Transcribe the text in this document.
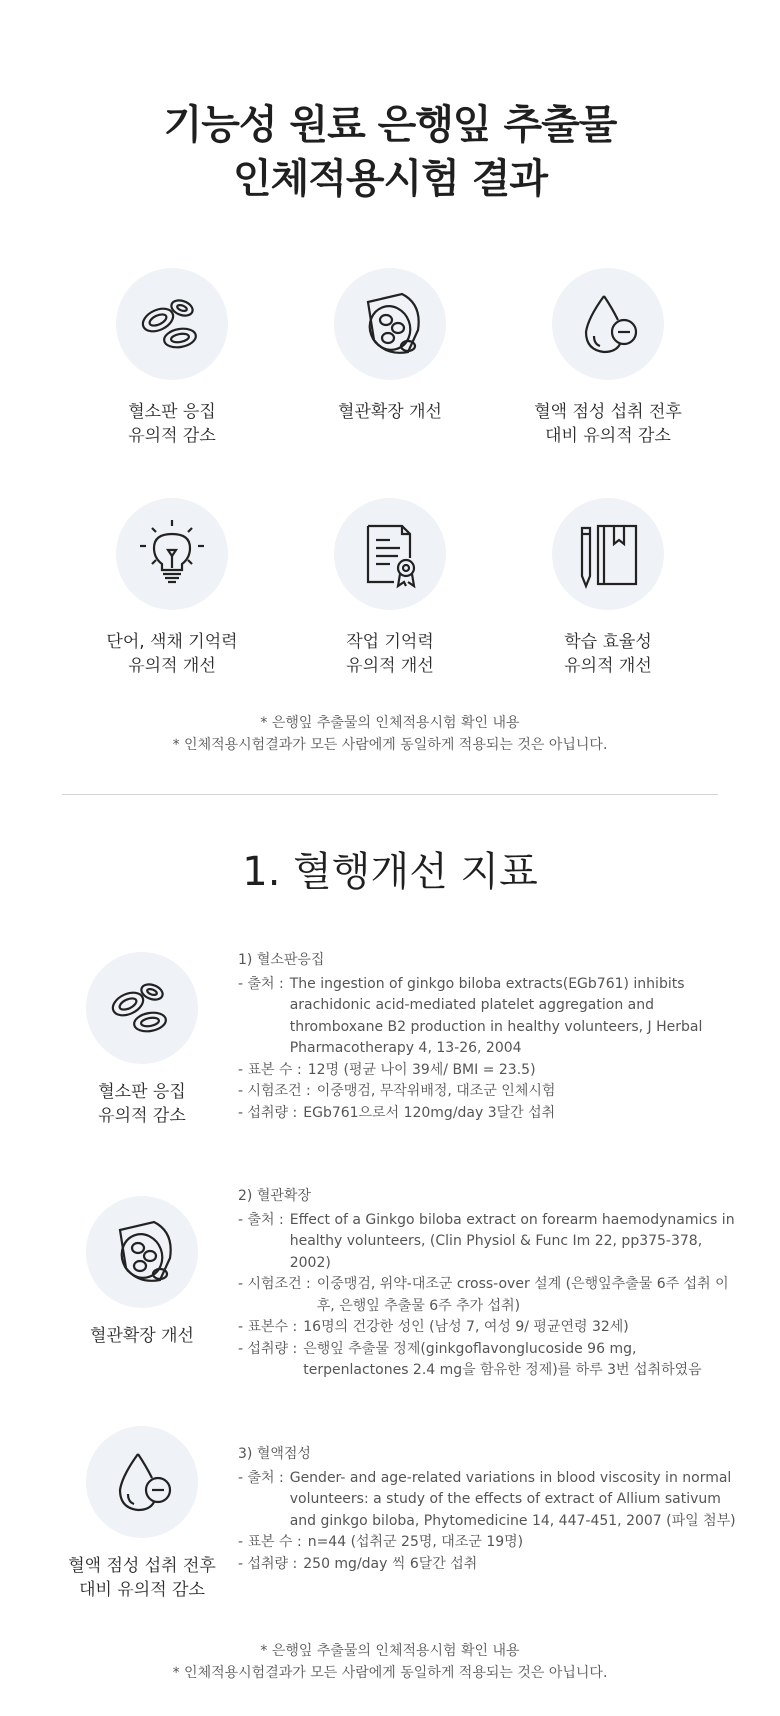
기능성 원료 은행잎 추출물
인체적용시험 결과
혈소판 응집
유의적 감소
혈관확장 개선	혈액 점성 섭취 전후
대비 유의적 감소
단어, 색채 기억력
유의적 개선
작업 기억력
유의적 개선
학습 효율성
유의적 개선
* 은행잎 추출물의 인체적용시험 확인 내용
* 인체적용시험결과가 모든 사람에게 동일하게 적용되는 것은 아닙니다.
1. 혈행개선 지표
혈소판 응집
유의적 감소
1) 혈소판응집
- 출처 : The ingestion of ginkgo biloba extracts(EGb761) inhibits arachidonic acid-mediated platelet aggregation and thromboxane B2 production in healthy volunteers, J Herbal Pharmacotherapy 4, 13-26, 2004
- 표본 수 : 12명 (평균 나이 39세/ BMI = 23.5)
- 시험조건 : 이중맹검, 무작위배정, 대조군 인체시험
- 섭취량 : EGb761으로서 120mg/day 3달간 섭취
혈관확장 개선
2) 혈관확장
- 출처 : Effect of a Ginkgo biloba extract on forearm haemodynamics in healthy volunteers, (Clin Physiol & Func Im 22, pp375-378, 2002)
- 시험조건 : 이중맹검, 위약-대조군 cross-over 설계 (은행잎추출물 6주 섭취 이후, 은행잎 추출물 6주 추가 섭취)
- 표본수 : 16명의 건강한 성인 (남성 7, 여성 9/ 평균연령 32세)
- 섭취량 : 은행잎 추출물 정제(ginkgoflavonglucoside 96 mg, terpenlactones 2.4 mg을 함유한 정제)를 하루 3번 섭취하였음
혈액 점성 섭취 전후
대비 유의적 감소
3) 혈액점성
- 출처 : Gender- and age-related variations in blood viscosity in normal volunteers: a study of the effects of extract of Allium sativum and ginkgo biloba, Phytomedicine 14, 447-451, 2007 (파일 첨부)
- 표본 수 : n=44 (섭취군 25명, 대조군 19명)
- 섭취량 : 250 mg/day 씩 6달간 섭취
* 은행잎 추출물의 인체적용시험 확인 내용
* 인체적용시험결과가 모든 사람에게 동일하게 적용되는 것은 아닙니다.
